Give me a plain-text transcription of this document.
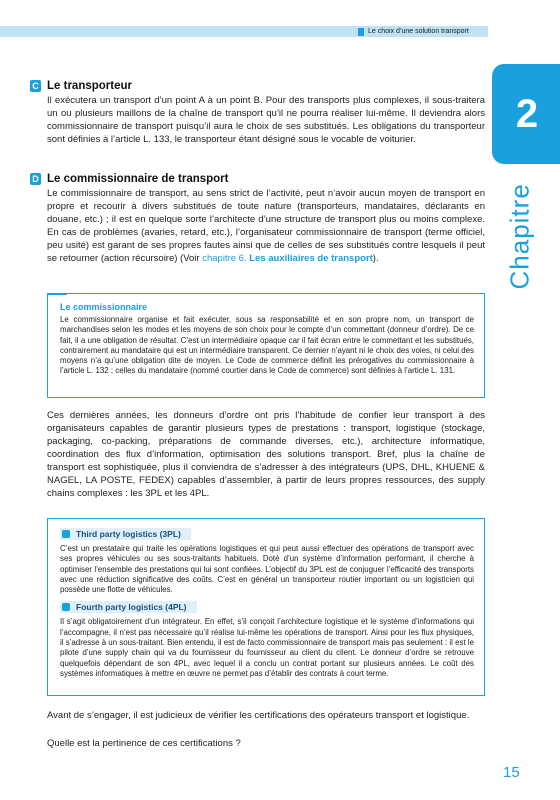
Le choix d’une solution transport
2
Chapitre
C Le transporteur

Il exécutera un transport d’un point A à un point B. Pour des transports plus complexes, il sous-traitera un ou plusieurs maillons de la chaîne de transport qu’il ne pourra réaliser lui-même. Il deviendra alors commissionnaire de transport puisqu’il aura le choix de ses substitués. Les obligations du transporteur sont définies à l’article L. 133, le transporteur étant désigné sous le vocable de voiturier.

D Le commissionnaire de transport

Le commissionnaire de transport, au sens strict de l’activité, peut n’avoir aucun moyen de transport en propre et recourir à divers substitués de toute nature (transporteurs, mandataires, déclarants en douane, etc.) ; il est en quelque sorte l’architecte d’une structure de transport plus ou moins complexe. En cas de problèmes (avaries, retard, etc.), l’organisateur commissionnaire de transport (terme officiel, peu usité) est garant de ses propres fautes ainsi que de celles de ses substitués contre lesquels il peut se retourner (action récursoire) (Voir chapitre 6. Les auxiliaires de transport).

Le commissionnaire

Le commissionnaire organise et fait exécuter, sous sa responsabilité et en son propre nom, un transport de marchandises selon les modes et les moyens de son choix pour le compte d’un commettant (donneur d’ordre). De ce fait, il a une obligation de résultat. C’est un intermédiaire opaque car il fait écran entre le commettant et les substitués, contrairement au mandataire qui est un intermédiaire transparent. Ce dernier n’ayant ni le choix des voies, ni celui des moyens n’a qu’une obligation dite de moyen. Le Code de commerce définit les prérogatives du commissionnaire à l’article L. 132 ; celles du mandataire (nommé courtier dans le Code de commerce) sont définies à l’article L. 131.

Ces dernières années, les donneurs d’ordre ont pris l’habitude de confier leur transport à des organisateurs capables de garantir plusieurs types de prestations : transport, logistique (stockage, packaging, co-packing, préparations de commande diverses, etc.), architecture informatique, coordination des flux d’information, optimisation des solutions transport. Bref, plus la chaîne de transport est sophistiquée, plus il conviendra de s’adresser à des intégrateurs (UPS, DHL, KHUENE & NAGEL, LA POSTE, FEDEX) capables d’assembler, à partir de leurs propres ressources, des supply chains complexes : les 3PL et les 4PL.

Third party logistics (3PL)

C’est un prestataire qui traite les opérations logistiques et qui peut aussi effectuer des opérations de transport avec ses propres véhicules ou ses sous-traitants habituels. Doté d’un système d’information performant, il cherche à optimiser l’ensemble des prestations qui lui sont confiées. L’objectif du 3PL est de conjuguer l’efficacité des transports avec une réduction significative des coûts. C’est en général un transporteur routier important ou un logisticien qui possède une flotte de véhicules.

Fourth party logistics (4PL)

Il s’agit obligatoirement d’un intégrateur. En effet, s’il conçoit l’architecture logistique et le système d’informations qui l’accompagne, il n’est pas nécessaire qu’il réalise lui-même les opérations de transport. Ainsi pour les flux physiques, il s’adresse à un sous-traitant. Bien entendu, il est de facto commissionnaire de transport mais pas seulement : il est le pilote d’une supply chain qui va du fournisseur du fournisseur au client du client. Le donneur d’ordre se retrouve quelquefois dépendant de son 4PL, avec lequel il a conclu un contrat portant sur plusieurs années. Le coût des systèmes informatiques à mettre en œuvre ne permet pas d’établir des contrats à court terme.

Avant de s’engager, il est judicieux de vérifier les certifications des opérateurs transport et logistique.

Quelle est la pertinence de ces certifications ?

15
